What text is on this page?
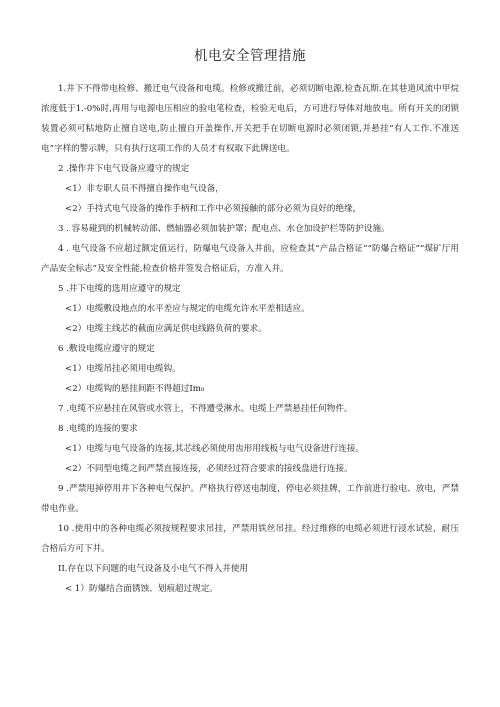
机电安全管理措施

1.井下不得带电检修、搬迁电气设备和电缆。检修或搬迁前，必须切断电源,检查瓦斯.在其巷道风流中甲烷浓度低于1.-0%时,再用与电源电压相应的验电笔检查，检验无电后，方可进行导体对地放电。所有开关的闭锁装置必须可粘地防止擅自送电,防止擅自开盖操作,开关把手在切断电源时必须闭锁,并悬挂“有人工作.不准送电”字样的警示牌，只有执行这项工作的人员才有权取下此牌送电。

2 .操作井下电气设备应遵守的规定

<1）非专职人员不得擅自操作电气设备，

<2）手持式电气设备的操作手柄和工作中必须接触的部分必须为良好的绝缘，

3 . 容易碰到的机械转动部、燃轴器必须加装护罩；配电点、水仓加设护栏等防护设施。

4 . 电气设备不应超过额定值运行，防爆电气设备入井前，应检查其“产品合格证”“防爆合格证”“煤矿厅用产品安全标志”及安全性能,检查价格并签发合格证后，方准入并。

5 .井下电缆的选用应遵守的规定

<1）电缆敷设地点的水平差应与规定的电缆允许水平差相适应。

<2）电缆主线芯的截面应满足供电线路负荷的要求。

6 .敷设电缆应遵守的规定

<1）电缆吊挂必须用电缆钩。

<2）电缆钩的悬挂间距不得超过Im₀

7 .电缆不应悬挂在风管或水管上，不得遭受淋水。电缆上严禁悬挂任何物件。

8 .电缆的连接的要求

<1）电缆与电气设备的连接,其芯线必须使用齿形用线板与电气设备进行连接。

<2）不同型电缆之间严禁直接连接，必须经过符合要求的接线盘进行连接。

9 .严禁甩掉停用井下各种电气保护。严格执行停送电制度，停电必须挂牌，工作前进行验电、放电，严禁带电作业。

10 .使用中的各种电缆必须按规程要求吊挂，严禁用铁丝吊挂。经过维修的电缆必须进行浸水试验，耐压合格后方可下井。

II.存在以下问题的电气设备及小电气不得入井使用

< 1）防爆结合面锈蚀、划痕超过规定。
